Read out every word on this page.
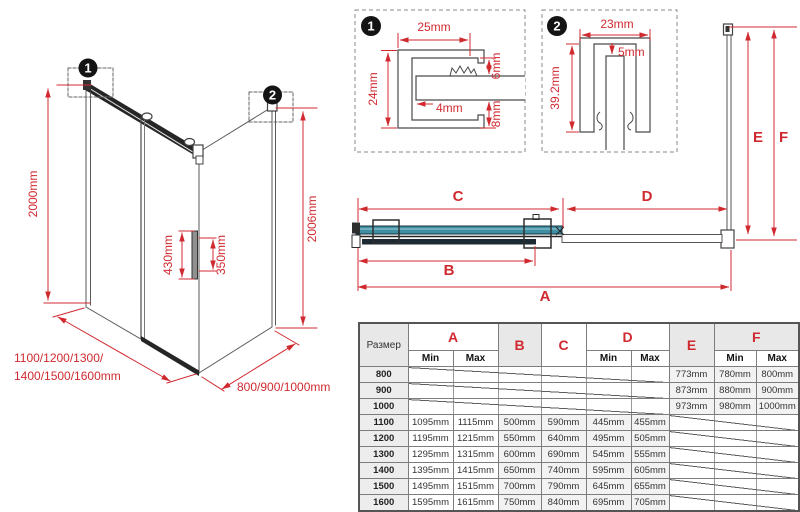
1
2
2000mm
2006mm
430mm	350mm
1100/1200/1300/
1400/1500/1600mm
800/900/1000mm
1	25mm
24mm
6mm
8mm
4mm
2	23mm
5mm
39.2mm
C	D
B
A
E F
Размер	A		B	C	D		E	F	
	Min	Max			Min	Max		Min	Max
800							773mm	780mm	800mm
900							873mm	880mm	900mm
1000							973mm	980mm	1000mm
1100	1095mm	1115mm	500mm	590mm	445mm	455mm			
1200	1195mm	1215mm	550mm	640mm	495mm	505mm			
1300	1295mm	1315mm	600mm	690mm	545mm	555mm			
1400	1395mm	1415mm	650mm	740mm	595mm	605mm			
1500	1495mm	1515mm	700mm	790mm	645mm	655mm			
1600	1595mm	1615mm	750mm	840mm	695mm	705mm			
